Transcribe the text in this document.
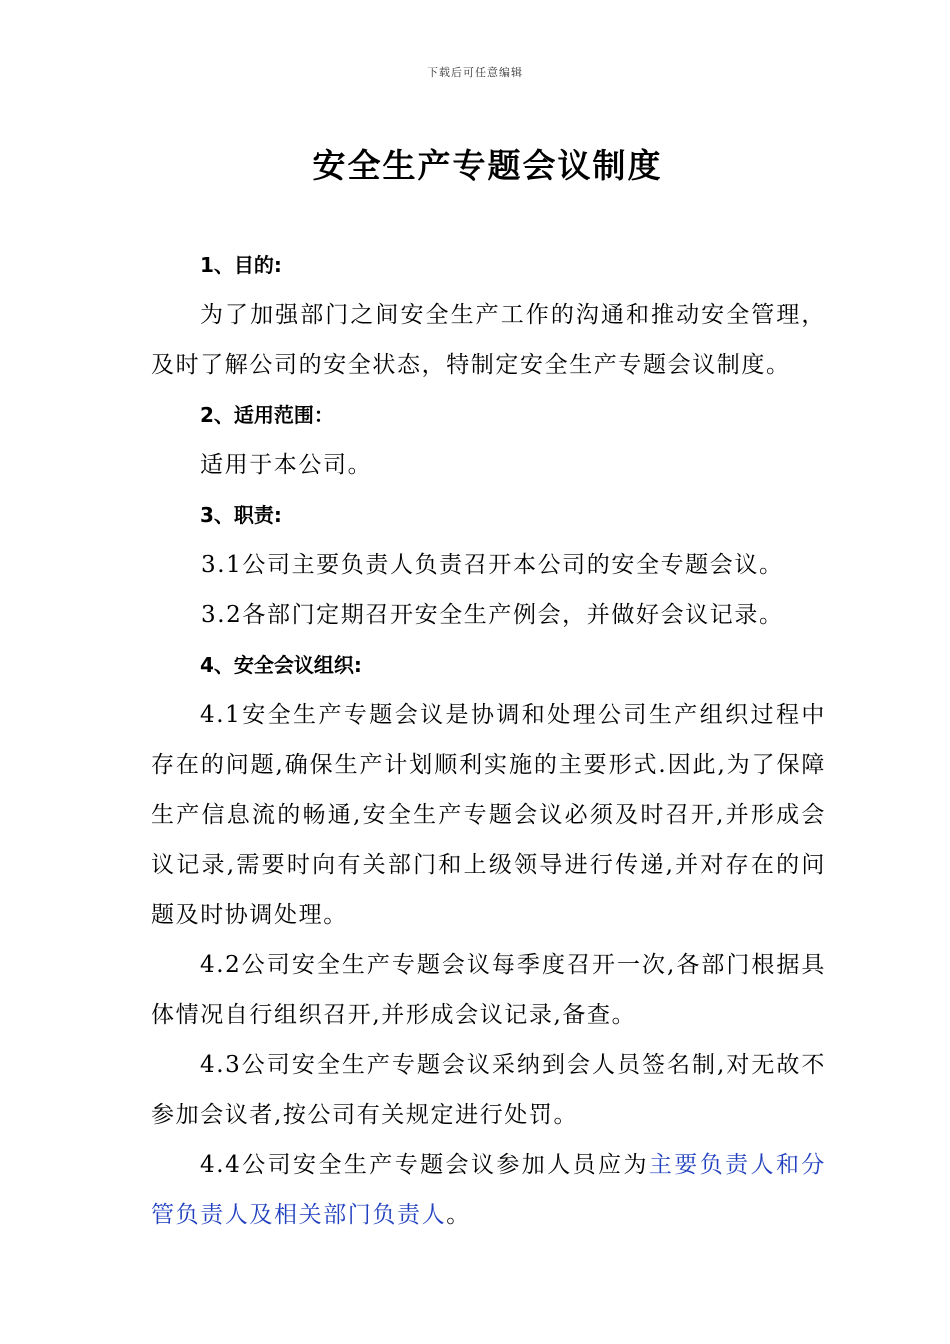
下载后可任意编辑
安全生产专题会议制度

1、目的:

为了加强部门之间安全生产工作的沟通和推动安全管理，及时了解公司的安全状态，特制定安全生产专题会议制度。

2、适用范围：

适用于本公司。

3、职责:

3.1公司主要负责人负责召开本公司的安全专题会议。

3.2各部门定期召开安全生产例会，并做好会议记录。

4、安全会议组织:

4.1安全生产专题会议是协调和处理公司生产组织过程中存在的问题,确保生产计划顺利实施的主要形式.因此,为了保障生产信息流的畅通,安全生产专题会议必须及时召开,并形成会议记录,需要时向有关部门和上级领导进行传递,并对存在的问题及时协调处理。

4.2公司安全生产专题会议每季度召开一次,各部门根据具体情况自行组织召开,并形成会议记录,备查。

4.3公司安全生产专题会议采纳到会人员签名制,对无故不参加会议者,按公司有关规定进行处罚。

4.4公司安全生产专题会议参加人员应为主要负责人和分管负责人及相关部门负责人。
